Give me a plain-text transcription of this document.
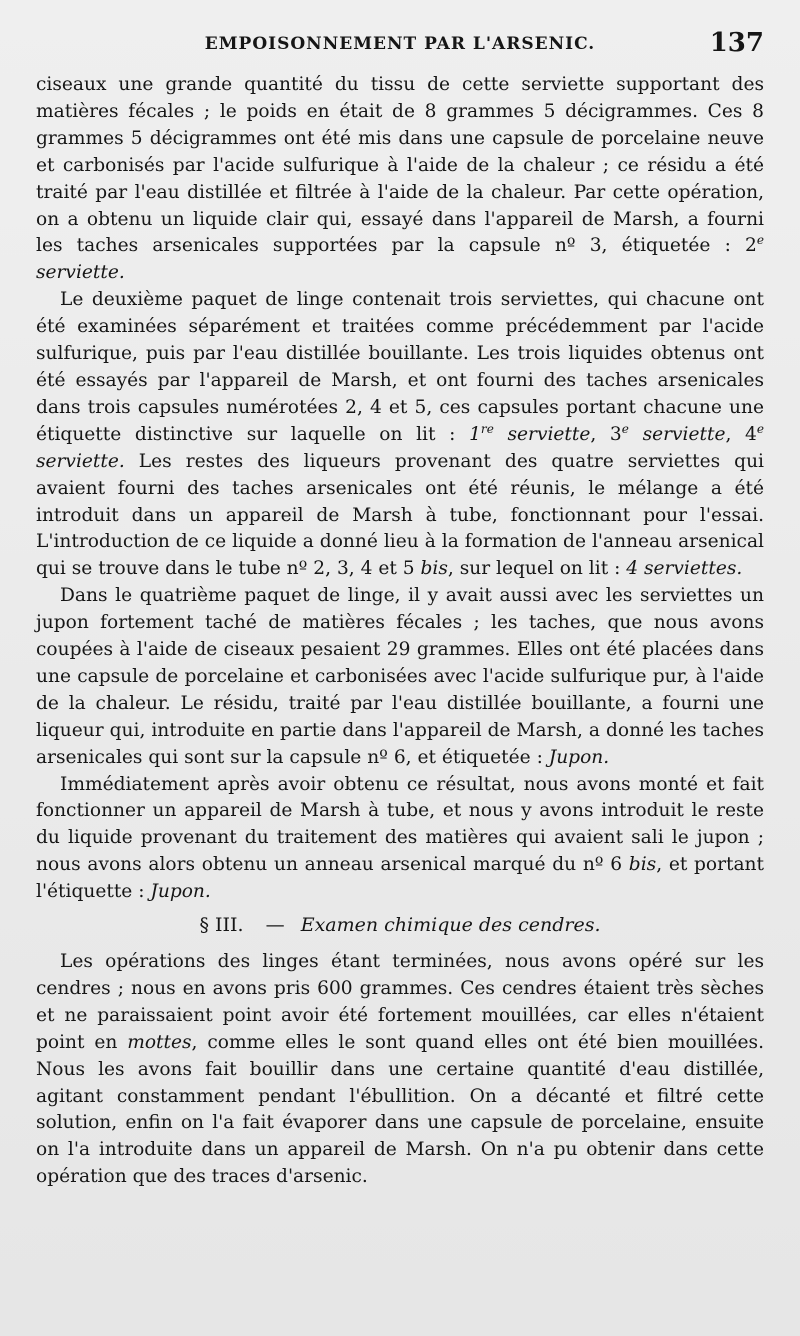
EMPOISONNEMENT PAR L'ARSENIC.	137

ciseaux une grande quantité du tissu de cette serviette supportant des matières fécales ; le poids en était de 8 grammes 5 décigrammes. Ces 8 grammes 5 décigrammes ont été mis dans une capsule de porcelaine neuve et carbonisés par l'acide sulfurique à l'aide de la chaleur ; ce résidu a été traité par l'eau distillée et filtrée à l'aide de la chaleur. Par cette opération, on a obtenu un liquide clair qui, essayé dans l'appareil de Marsh, a fourni les taches arsenicales supportées par la capsule nº 3, étiquetée : 2e serviette.

Le deuxième paquet de linge contenait trois serviettes, qui chacune ont été examinées séparément et traitées comme précédemment par l'acide sulfurique, puis par l'eau distillée bouillante. Les trois liquides obtenus ont été essayés par l'appareil de Marsh, et ont fourni des taches arsenicales dans trois capsules numérotées 2, 4 et 5, ces capsules portant chacune une étiquette distinctive sur laquelle on lit : 1re serviette, 3e serviette, 4e serviette. Les restes des liqueurs provenant des quatre serviettes qui avaient fourni des taches arsenicales ont été réunis, le mélange a été introduit dans un appareil de Marsh à tube, fonctionnant pour l'essai. L'introduction de ce liquide a donné lieu à la formation de l'anneau arsenical qui se trouve dans le tube nº 2, 3, 4 et 5 bis, sur lequel on lit : 4 serviettes.

Dans le quatrième paquet de linge, il y avait aussi avec les serviettes un jupon fortement taché de matières fécales ; les taches, que nous avons coupées à l'aide de ciseaux pesaient 29 grammes. Elles ont été placées dans une capsule de porcelaine et carbonisées avec l'acide sulfurique pur, à l'aide de la chaleur. Le résidu, traité par l'eau distillée bouillante, a fourni une liqueur qui, introduite en partie dans l'appareil de Marsh, a donné les taches arsenicales qui sont sur la capsule nº 6, et étiquetée : Jupon.

Immédiatement après avoir obtenu ce résultat, nous avons monté et fait fonctionner un appareil de Marsh à tube, et nous y avons introduit le reste du liquide provenant du traitement des matières qui avaient sali le jupon ; nous avons alors obtenu un anneau arsenical marqué du nº 6 bis, et portant l'étiquette : Jupon.

§ III. — Examen chimique des cendres.

Les opérations des linges étant terminées, nous avons opéré sur les cendres ; nous en avons pris 600 grammes. Ces cendres étaient très sèches et ne paraissaient point avoir été fortement mouillées, car elles n'étaient point en mottes, comme elles le sont quand elles ont été bien mouillées. Nous les avons fait bouillir dans une certaine quantité d'eau distillée, agitant constamment pendant l'ébullition. On a décanté et filtré cette solution, enfin on l'a fait évaporer dans une capsule de porcelaine, ensuite on l'a introduite dans un appareil de Marsh. On n'a pu obtenir dans cette opération que des traces d'arsenic.
